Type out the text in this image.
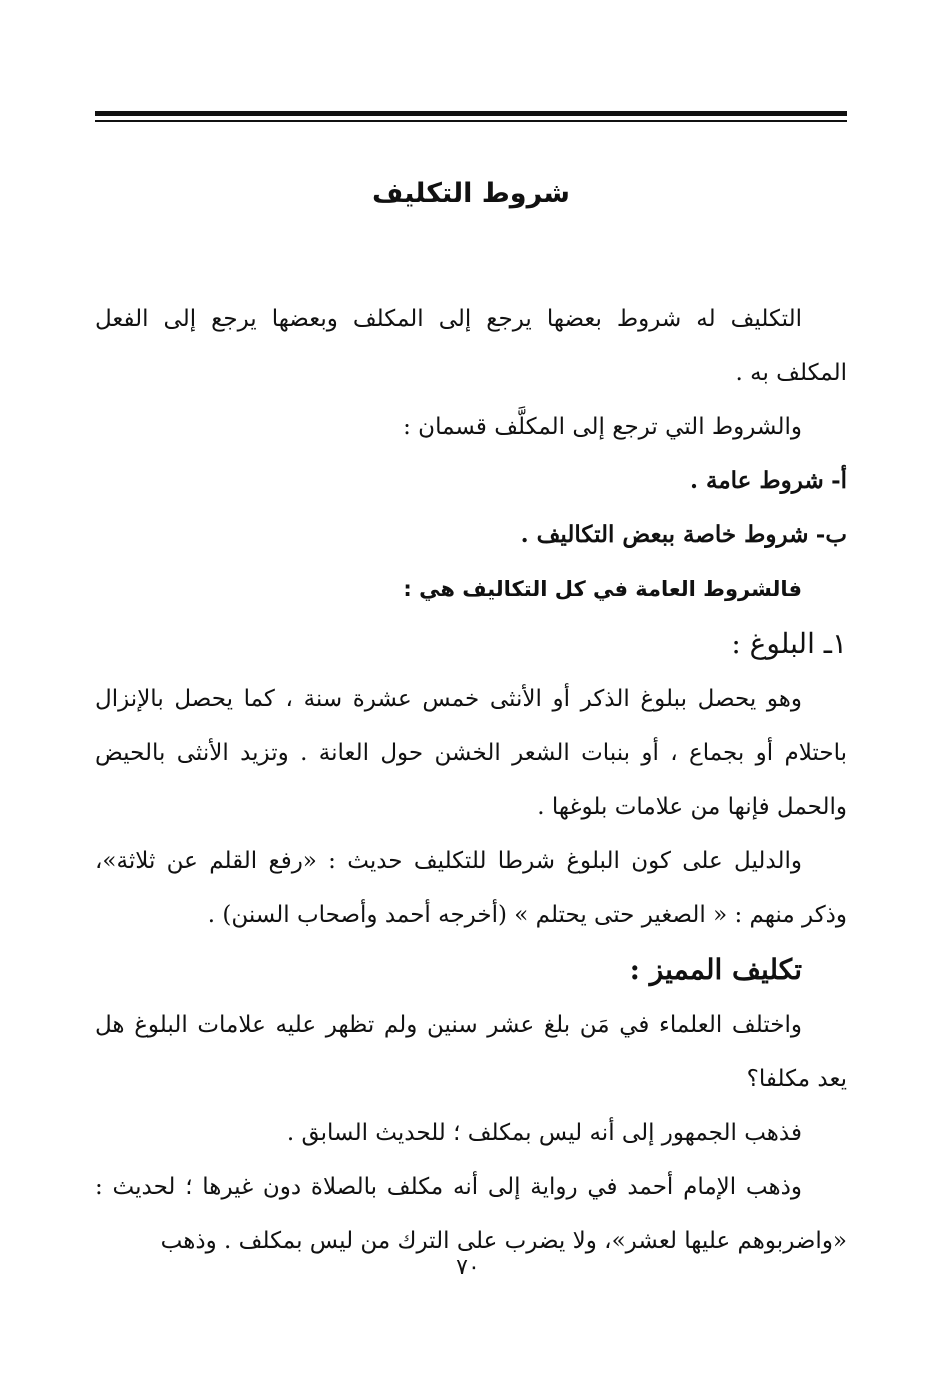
شروط التكليف

التكليف له شروط بعضها يرجع إلى المكلف وبعضها يرجع إلى الفعل المكلف به .

والشروط التي ترجع إلى المكلَّف قسمان :

أ- شروط عامة .

ب- شروط خاصة ببعض التكاليف .

فالشروط العامة في كل التكاليف هي :

١ـ البلوغ :

وهو يحصل ببلوغ الذكر أو الأنثى خمس عشرة سنة ، كما يحصل بالإنزال باحتلام أو بجماع ، أو بنبات الشعر الخشن حول العانة . وتزيد الأنثى بالحيض والحمل فإنها من علامات بلوغها .

والدليل على كون البلوغ شرطا للتكليف حديث : «رفع القلم عن ثلاثة»، وذكر منهم : « الصغير حتى يحتلم » (أخرجه أحمد وأصحاب السنن) .

تكليف المميز :

واختلف العلماء في مَن بلغ عشر سنين ولم تظهر عليه علامات البلوغ هل يعد مكلفا؟

فذهب الجمهور إلى أنه ليس بمكلف ؛ للحديث السابق .

وذهب الإمام أحمد في رواية إلى أنه مكلف بالصلاة دون غيرها ؛ لحديث : «واضربوهم عليها لعشر»، ولا يضرب على الترك من ليس بمكلف . وذهب

٧٠
